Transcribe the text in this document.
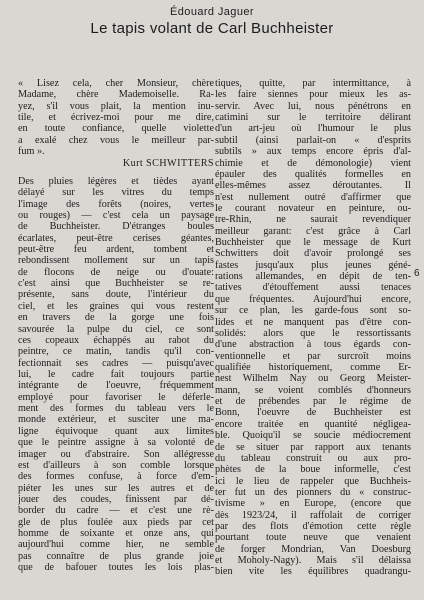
Édouard Jaguer
Le tapis volant de Carl Buchheister
« Lisez cela, cher Monsieur, chère
Madame, chère Mademoiselle. Ra-
yez, s'il vous plait, la mention inu-
tile, et écrivez-moi pour me dire,
en toute confiance, quelle violette
a exalé chez vous le meilleur par-
fum ».
Kurt SCHWITTERS
Des pluies légères et tièdes ayant
délayé sur les vitres du temps
l'image des forêts (noires, vertes
ou rouges) — c'est cela un paysage
de Buchheister. D'étranges boules
écarlates, peut-être cerises géantes,
peut-être feu ardent, tombent et
rebondissent mollement sur un tapis
de flocons de neige ou d'ouate:
c'est ainsi que Buchheister se re-
présente, sans doute, l'intérieur du
ciel, et les graines qui vous restent
en travers de la gorge une fois
savourée la pulpe du ciel, ce sont
ces copeaux échappés au rabot du
peintre, ce matin, tandis qu'il con-
fectionnait ses cadres — puisqu'avec
lui, le cadre fait toujours partie
intégrante de l'oeuvre, fréquemment
employé pour favoriser le déferle-
ment des formes du tableau vers le
monde extérieur, et susciter une ma-
ligne équivoque quant aux limites
que le peintre assigne à sa volonté de
imager ou d'abstraire. Son allégresse
est d'ailleurs à son comble lorsque
des formes confuse, à force d'em-
piéter les unes sur les autres et de
jouer des coudes, finissent par dé-
border du cadre — et c'est une rè-
gle de plus foulée aux pieds par cet
homme de soixante et onze ans, qui
aujourd'hui comme hier, ne semble
pas connaître de plus grande joie
que de bafouer toutes les lois plas-
tiques, quitte, par intermittance, à
les faire siennes pour mieux les as-
servir. Avec lui, nous pénétrons en
catimini sur le territoire délirant
d'un art-jeu où l'humour le plus
subtil (ainsi parlait-on « d'esprits
subtils » aux temps encore épris d'al-
chimie et de démonologie) vient
épauler des qualités formelles en
elles-mêmes assez déroutantes. Il
n'est nullement outré d'affirmer que
le courant novateur en peinture, ou-
tre-Rhin, ne saurait revendiquer
meilleur garant: c'est grâce à Carl
Buchheister que le message de Kurt
Schwitters doit d'avoir prolongé ses
fastes jusqu'aux plus jeunes géné-
rations allemandes, en dépit de ten-
tatives d'étouffement aussi tenaces
que fréquentes. Aujourd'hui encore,
sur ce plan, les garde-fous sont so-
lides et ne manquent pas d'être con-
solidés: alors que le ressortissants
d'une abstraction à tous égards con-
ventionnelle et par surcroît moins
qualifiée historiquement, comme Er-
nest Wilhelm Nay ou Georg Meister-
mann, se voient comblés d'honneurs
et de prébendes par le régime de
Bonn, l'oeuvre de Buchheister est
encore traitée en quantité négligea-
ble. Quoiqu'il se soucie médiocrement
de se situer par rapport aux tenants
du tableau construit ou aux pro-
phètes de la boue informelle, c'est
ici le lieu de rappeler que Buchheis-
ter fut un des pionners du « construc-
tivisme » en Europe, (encore que
dès 1923/24, il raffolait de corriger
par des flots d'émotion cette règle
pourtant toute neuve que venaient
de forger Mondrian, Van Doesburg
et Moholy-Nagy). Mais s'il délaissa
bien vite les équilibres quadrangu-
6
